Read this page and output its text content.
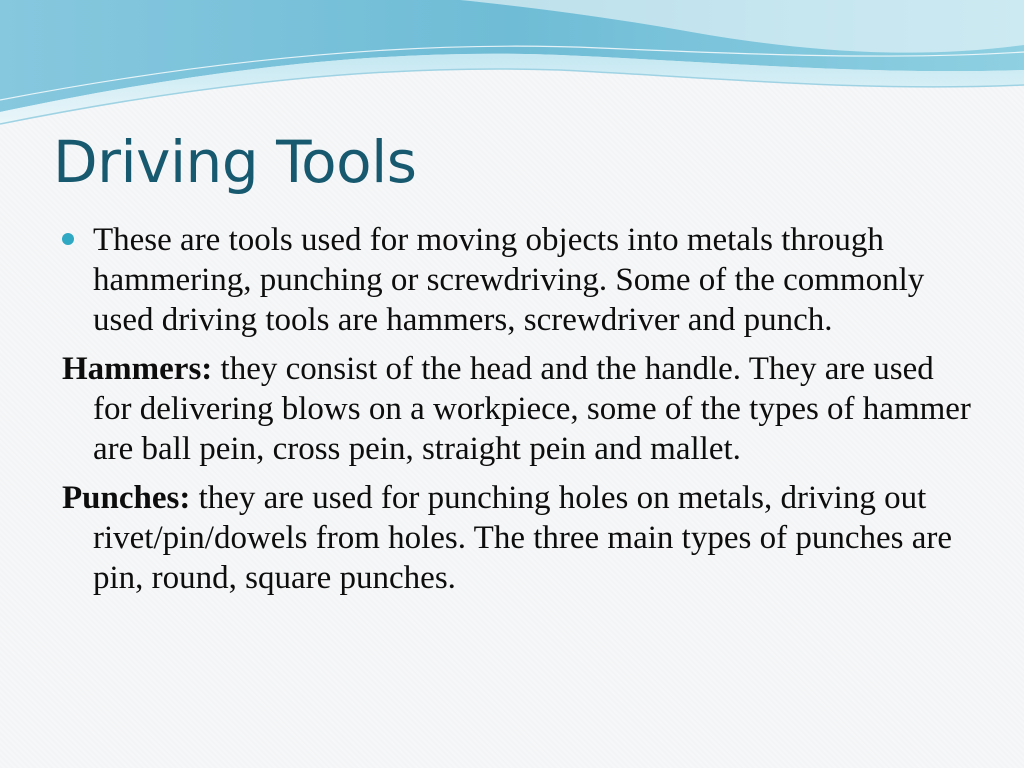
Driving Tools

These are tools used for moving objects into metals through hammering, punching or screwdriving. Some of the commonly used driving tools are hammers, screwdriver and punch.

Hammers: they consist of the head and the handle. They are used for delivering blows on a workpiece, some of the types of hammer are ball pein, cross pein, straight pein and mallet.

Punches: they are used for punching holes on metals, driving out rivet/pin/dowels from holes. The three main types of punches are pin, round, square punches.
